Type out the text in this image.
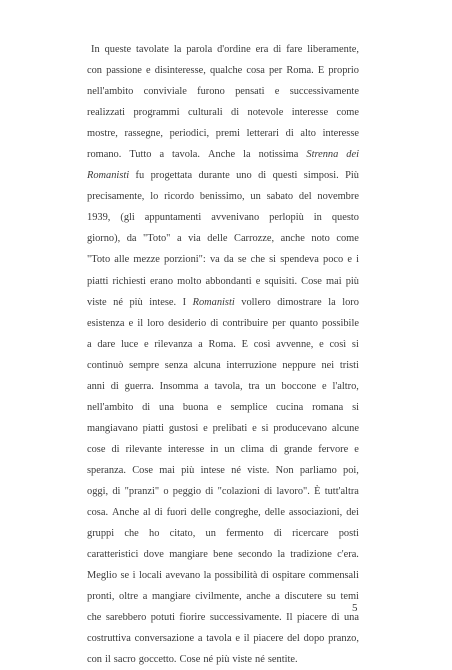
In queste tavolate la parola d'ordine era di fare liberamente,
con passione e disinteresse, qualche cosa per Roma. E proprio
nell'ambito conviviale furono pensati e successivamente
realizzati programmi culturali di notevole interesse come
mostre, rassegne, periodici, premi letterari di alto interesse
romano. Tutto a tavola. Anche la notissima Strenna dei
Romanisti fu progettata durante uno di questi simposi. Più
precisamente, lo ricordo benissimo, un sabato del novembre
1939, (gli appuntamenti avvenivano perlopiù in questo
giorno), da "Toto" a via delle Carrozze, anche noto come
"Toto alle mezze porzioni": va da se che si spendeva poco e i
piatti richiesti erano molto abbondanti e squisiti. Cose mai più
viste né più intese. I Romanisti vollero dimostrare la loro
esistenza e il loro desiderio di contribuire per quanto possibile
a dare luce e rilevanza a Roma. E così avvenne, e così si
continuò sempre senza alcuna interruzione neppure nei tristi
anni di guerra. Insomma a tavola, tra un boccone e l'altro,
nell'ambito di una buona e semplice cucina romana si
mangiavano piatti gustosi e prelibati e si producevano alcune
cose di rilevante interesse in un clima di grande fervore e
speranza. Cose mai più intese né viste. Non parliamo poi,
oggi, di "pranzi" o peggio di "colazioni di lavoro". È tutt'altra
cosa. Anche al di fuori delle congreghe, delle associazioni, dei
gruppi che ho citato, un fermento di ricercare posti
caratteristici dove mangiare bene secondo la tradizione c'era.
Meglio se i locali avevano la possibilità di ospitare commensali
pronti, oltre a mangiare civilmente, anche a discutere su temi
che sarebbero potuti fiorire successivamente. Il piacere di una
costruttiva conversazione a tavola e il piacere del dopo pranzo,
con il sacro goccetto. Cose né più viste né sentite.
5
